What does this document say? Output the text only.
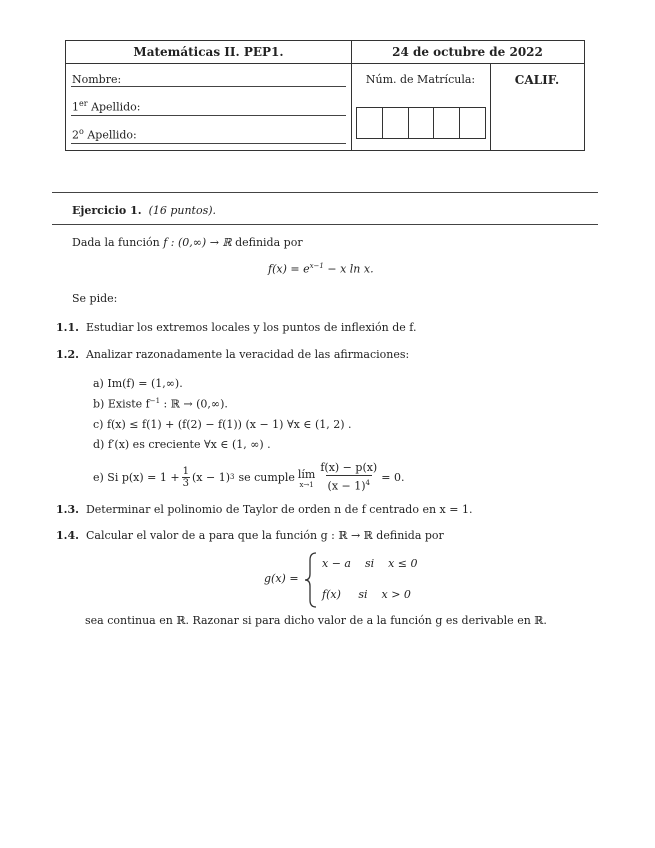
Matemáticas II. PEP1.	24 de octubre de 2022
Nombre:
1er Apellido:
2$^o$ Apellido:
Núm. de Matrícula:	CALIF.
Ejercicio 1. (16 puntos).
Dada la función f : (0,∞) → ℝ definida por
$f(x) = e^{x-1} - x$ ln x.
Se pide:
1.1. Estudiar los extremos locales y los puntos de inflexión de f.
1.2. Analizar razonadamente la veracidad de las afirmaciones:
a) Im(f) = (1,∞).
b) Existe $f^{-1}$ : ℝ → (0,∞).
c) f(x) ≤ f(1) + (f(2) − f(1)) (x − 1) ∀x ∈ (1, 2) .
d) f′(x) es creciente ∀x ∈ (1, ∞) .
e) Si $p(x) = 1 + \frac{1}{3} (x - 1)$ 3 se cumple lím
$x\to 1 \frac{f(x) - p(x)}{(x - 1)^4} = 0$.
1.3. Determinar el polinomio de Taylor de orden n de f centrado en x = 1.
1.4. Calcular el valor de a para que la función g : ℝ → ℝ definida por
g(x) =
x − a    si    x ≤ 0
f(x)     si    x > 0
sea continua en ℝ. Razonar si para dicho valor de a la función g es derivable en ℝ.
